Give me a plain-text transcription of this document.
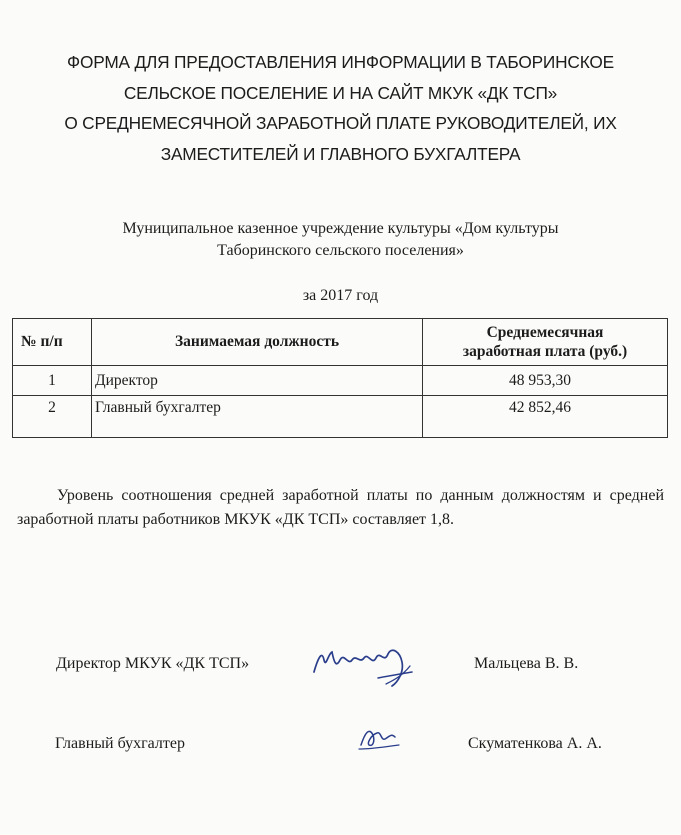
ФОРМА ДЛЯ ПРЕДОСТАВЛЕНИЯ ИНФОРМАЦИИ В ТАБОРИНСКОЕ
СЕЛЬСКОЕ ПОСЕЛЕНИЕ И НА САЙТ МКУК «ДК ТСП»
О СРЕДНЕМЕСЯЧНОЙ ЗАРАБОТНОЙ ПЛАТЕ РУКОВОДИТЕЛЕЙ, ИХ
ЗАМЕСТИТЕЛЕЙ И ГЛАВНОГО БУХГАЛТЕРА
Муниципальное казенное учреждение культуры «Дом культуры
Таборинского сельского поселения»
за 2017 год
№ п/п	Занимаемая должность	Среднемесячная
заработная плата (руб.)

1	Директор	48 953,30
2	Главный бухгалтер	42 852,46
Уровень соотношения средней заработной платы по данным должностям и средней заработной платы работников МКУК «ДК ТСП» составляет 1,8.
Директор МКУК «ДК ТСП»	Мальцева В. В.
Главный бухгалтер	Скуматенкова А. А.
